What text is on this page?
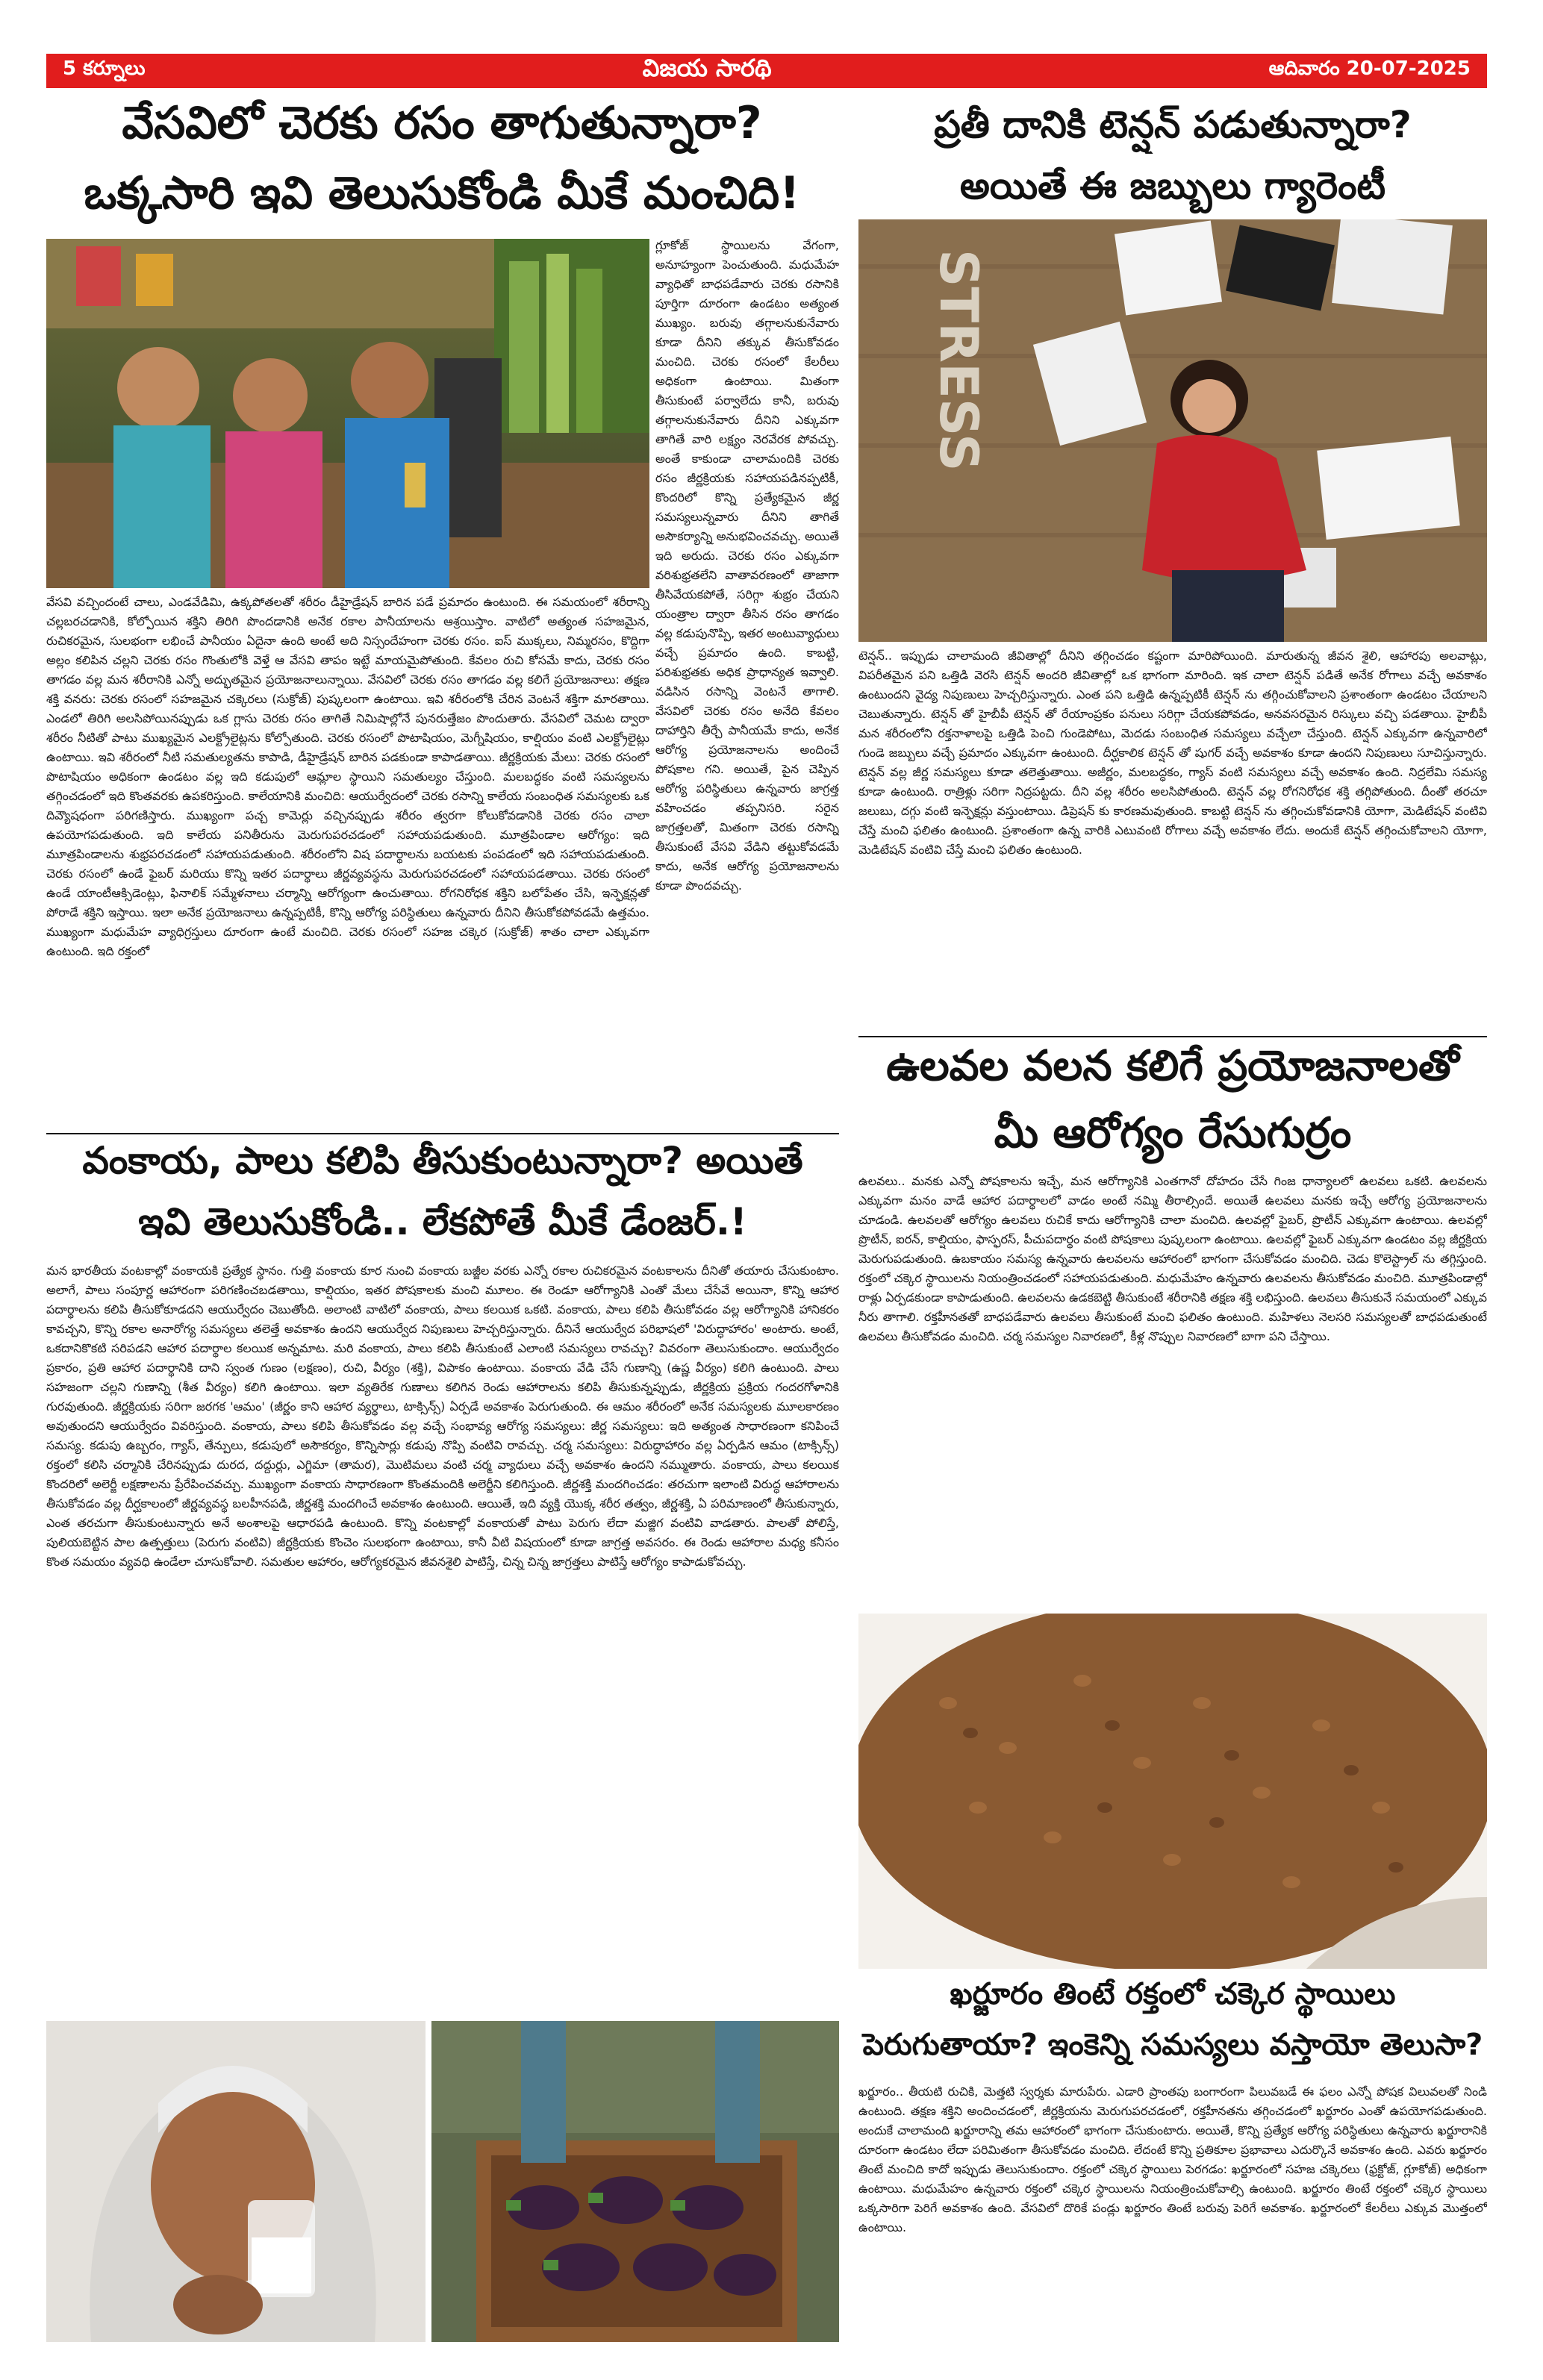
5 కర్నూలు	విజయ సారథి	ఆదివారం 20-07-2025
వేసవిలో చెరకు రసం తాగుతున్నారా?
ఒక్కసారి ఇవి తెలుసుకోండి మీకే మంచిది!
గ్లూకోజ్ స్థాయిలను వేగంగా, అనూహ్యంగా పెంచుతుంది. మధుమేహ వ్యాధితో బాధపడేవారు చెరకు రసానికి పూర్తిగా దూరంగా ఉండటం అత్యంత ముఖ్యం. బరువు తగ్గాలనుకునేవారు కూడా దీనిని తక్కువ తీసుకోవడం మంచిది. చెరకు రసంలో కేలరీలు అధికంగా ఉంటాయి. మితంగా తీసుకుంటే పర్వాలేదు కానీ, బరువు తగ్గాలనుకునేవారు దీనిని ఎక్కువగా తాగితే వారి లక్ష్యం నెరవేరక పోవచ్చు. అంతే కాకుండా చాలామందికి చెరకు రసం జీర్ణక్రియకు సహాయపడినప్పటికీ, కొందరిలో కొన్ని ప్రత్యేకమైన జీర్ణ సమస్యలున్నవారు దీనిని తాగితే అసౌకర్యాన్ని అనుభవించవచ్చు. అయితే ఇది అరుదు. చెరకు రసం ఎక్కువగా వరిశుభ్రతలేని వాతావరణంలో తాజాగా తీసివేయకపోతే, సరిగ్గా శుభ్రం చేయని యంత్రాల ద్వారా తీసిన రసం తాగడం వల్ల కడుపునొప్పి, ఇతర అంటువ్యాధులు వచ్చే ప్రమాదం ఉంది. కాబట్టి, పరిశుభ్రతకు అధిక ప్రాధాన్యత ఇవ్వాలి. వడిసిన రసాన్ని వెంటనే తాగాలి. వేసవిలో చెరకు రసం అనేది కేవలం దాహార్తిని తీర్చే పానీయమే కాదు, అనేక ఆరోగ్య ప్రయోజనాలను అందించే పోషకాల గని. అయితే, పైన చెప్పిన ఆరోగ్య పరిస్థితులు ఉన్నవారు జాగ్రత్త వహించడం తప్పనిసరి. సరైన జాగ్రత్తలతో, మితంగా చెరకు రసాన్ని తీసుకుంటే వేసవి వేడిని తట్టుకోవడమే కాదు, అనేక ఆరోగ్య ప్రయోజనాలను కూడా పొందవచ్చు.
వేసవి వచ్చిందంటే చాలు, ఎండవేడిమి, ఉక్కపోతలతో శరీరం డీహైడ్రేషన్ బారిన పడే ప్రమాదం ఉంటుంది. ఈ సమయంలో శరీరాన్ని చల్లబరచడానికి, కోల్పోయిన శక్తిని తిరిగి పొందడానికి అనేక రకాల పానీయాలను ఆశ్రయిస్తాం. వాటిలో అత్యంత సహజమైన, రుచికరమైన, సులభంగా లభించే పానీయం ఏదైనా ఉంది అంటే అది నిస్సందేహంగా చెరకు రసం. ఐస్ ముక్కలు, నిమ్మరసం, కొద్దిగా అల్లం కలిపిన చల్లని చెరకు రసం గొంతులోకి వెళ్తే ఆ వేసవి తాపం ఇట్టే మాయమైపోతుంది. కేవలం రుచి కోసమే కాదు, చెరకు రసం తాగడం వల్ల మన శరీరానికి ఎన్నో అద్భుతమైన ప్రయోజనాలున్నాయి. వేసవిలో చెరకు రసం తాగడం వల్ల కలిగే ప్రయోజనాలు: తక్షణ శక్తి వనరు: చెరకు రసంలో సహజమైన చక్కెరలు (సుక్రోజ్) పుష్కలంగా ఉంటాయి. ఇవి శరీరంలోకి చేరిన వెంటనే శక్తిగా మారతాయి. ఎండలో తిరిగి అలసిపోయినప్పుడు ఒక గ్లాసు చెరకు రసం తాగితే నిమిషాల్లోనే పునరుత్తేజం పొందుతారు. వేసవిలో చెమట ద్వారా శరీరం నీటితో పాటు ముఖ్యమైన ఎలక్ట్రోలైట్లను కోల్పోతుంది. చెరకు రసంలో పొటాషియం, మెగ్నీషియం, కాల్షియం వంటి ఎలక్ట్రోలైట్లు ఉంటాయి. ఇవి శరీరంలో నీటి సమతుల్యతను కాపాడి, డీహైడ్రేషన్ బారిన పడకుండా కాపాడతాయి. జీర్ణక్రియకు మేలు: చెరకు రసంలో పొటాషియం అధికంగా ఉండటం వల్ల ఇది కడుపులో ఆమ్లాల స్థాయిని సమతుల్యం చేస్తుంది. మలబద్ధకం వంటి సమస్యలను తగ్గించడంలో ఇది కొంతవరకు ఉపకరిస్తుంది. కాలేయానికి మంచిది: ఆయుర్వేదంలో చెరకు రసాన్ని కాలేయ సంబంధిత సమస్యలకు ఒక దివ్యౌషధంగా పరిగణిస్తారు. ముఖ్యంగా పచ్చ కామెర్లు వచ్చినప్పుడు శరీరం త్వరగా కోలుకోవడానికి చెరకు రసం చాలా ఉపయోగపడుతుంది. ఇది కాలేయ పనితీరును మెరుగుపరచడంలో సహాయపడుతుంది. మూత్రపిండాల ఆరోగ్యం: ఇది మూత్రపిండాలను శుభ్రపరచడంలో సహాయపడుతుంది. శరీరంలోని విష పదార్థాలను బయటకు పంపడంలో ఇది సహాయపడుతుంది. చెరకు రసంలో ఉండే ఫైబర్ మరియు కొన్ని ఇతర పదార్థాలు జీర్ణవ్యవస్థను మెరుగుపరచడంలో సహాయపడతాయి. చెరకు రసంలో ఉండే యాంటీఆక్సిడెంట్లు, ఫినాలిక్ సమ్మేళనాలు చర్మాన్ని ఆరోగ్యంగా ఉంచుతాయి. రోగనిరోధక శక్తిని బలోపేతం చేసి, ఇన్ఫెక్షన్లతో పోరాడే శక్తిని ఇస్తాయి. ఇలా అనేక ప్రయోజనాలు ఉన్నప్పటికీ, కొన్ని ఆరోగ్య పరిస్థితులు ఉన్నవారు దీనిని తీసుకోకపోవడమే ఉత్తమం. ముఖ్యంగా మధుమేహ వ్యాధిగ్రస్తులు దూరంగా ఉంటే మంచిది. చెరకు రసంలో సహజ చక్కెర (సుక్రోజ్) శాతం చాలా ఎక్కువగా ఉంటుంది. ఇది రక్తంలో
ప్రతీ దానికి టెన్షన్ పడుతున్నారా?
అయితే ఈ జబ్బులు గ్యారెంటీ
STRESS
టెన్షన్.. ఇప్పుడు చాలామంది జీవితాల్లో దీనిని తగ్గించడం కష్టంగా మారిపోయింది. మారుతున్న జీవన శైలి, ఆహారపు అలవాట్లు, విపరీతమైన పని ఒత్తిడి వెరసి టెన్షన్ అందరి జీవితాల్లో ఒక భాగంగా మారింది. ఇక చాలా టెన్షన్ పడితే అనేక రోగాలు వచ్చే అవకాశం ఉంటుందని వైద్య నిపుణులు హెచ్చరిస్తున్నారు. ఎంత పని ఒత్తిడి ఉన్నప్పటికీ టెన్షన్ ను తగ్గించుకోవాలని ప్రశాంతంగా ఉండటం చేయాలని చెబుతున్నారు. టెన్షన్ తో హైబీపీ టెన్షన్ తో రేయాంప్రకం పనులు సరిగ్గా చేయకపోవడం, అనవసరమైన రిస్కులు వచ్చి పడతాయి. హైబీపీ మన శరీరంలోని రక్తనాళాలపై ఒత్తిడి పెంచి గుండెపోటు, మెదడు సంబంధిత సమస్యలు వచ్చేలా చేస్తుంది. టెన్షన్ ఎక్కువగా ఉన్నవారిలో గుండె జబ్బులు వచ్చే ప్రమాదం ఎక్కువగా ఉంటుంది. దీర్ఘకాలిక టెన్షన్ తో షుగర్ వచ్చే అవకాశం కూడా ఉందని నిపుణులు సూచిస్తున్నారు. టెన్షన్ వల్ల జీర్ణ సమస్యలు కూడా తలెత్తుతాయి. అజీర్ణం, మలబద్ధకం, గ్యాస్ వంటి సమస్యలు వచ్చే అవకాశం ఉంది. నిద్రలేమి సమస్య కూడా ఉంటుంది. రాత్రిళ్లు సరిగా నిద్రపట్టదు. దీని వల్ల శరీరం అలసిపోతుంది. టెన్షన్ వల్ల రోగనిరోధక శక్తి తగ్గిపోతుంది. దీంతో తరచూ జలుబు, దగ్గు వంటి ఇన్ఫెక్షన్లు వస్తుంటాయి. డిప్రెషన్ కు కారణమవుతుంది. కాబట్టి టెన్షన్ ను తగ్గించుకోవడానికి యోగా, మెడిటేషన్ వంటివి చేస్తే మంచి ఫలితం ఉంటుంది. ప్రశాంతంగా ఉన్న వారికి ఎటువంటి రోగాలు వచ్చే అవకాశం లేదు. అందుకే టెన్షన్ తగ్గించుకోవాలని యోగా, మెడిటేషన్ వంటివి చేస్తే మంచి ఫలితం ఉంటుంది.
ఉలవల వలన కలిగే ప్రయోజనాలతో
మీ ఆరోగ్యం రేసుగుర్రం
ఉలవలు.. మనకు ఎన్నో పోషకాలను ఇచ్చే, మన ఆరోగ్యానికి ఎంతగానో దోహదం చేసే గింజ ధాన్యాలలో ఉలవలు ఒకటి. ఉలవలను ఎక్కువగా మనం వాడే ఆహార పదార్థాలలో వాడం అంటే నమ్మి తీరాల్సిందే. అయితే ఉలవలు మనకు ఇచ్చే ఆరోగ్య ప్రయోజనాలను చూడండి. ఉలవలతో ఆరోగ్యం ఉలవలు రుచికే కాదు ఆరోగ్యానికి చాలా మంచిది. ఉలవల్లో ఫైబర్, ప్రొటీన్ ఎక్కువగా ఉంటాయి. ఉలవల్లో ప్రొటీన్, ఐరన్, కాల్షియం, ఫాస్ఫరస్, పీచుపదార్థం వంటి పోషకాలు పుష్కలంగా ఉంటాయి. ఉలవల్లో ఫైబర్ ఎక్కువగా ఉండటం వల్ల జీర్ణక్రియ మెరుగుపడుతుంది. ఉబకాయం సమస్య ఉన్నవారు ఉలవలను ఆహారంలో భాగంగా చేసుకోవడం మంచిది. చెడు కొలెస్ట్రాల్ ను తగ్గిస్తుంది. రక్తంలో చక్కెర స్థాయిలను నియంత్రించడంలో సహాయపడుతుంది. మధుమేహం ఉన్నవారు ఉలవలను తీసుకోవడం మంచిది. మూత్రపిండాల్లో రాళ్లు ఏర్పడకుండా కాపాడుతుంది. ఉలవలను ఉడకబెట్టి తీసుకుంటే శరీరానికి తక్షణ శక్తి లభిస్తుంది. ఉలవలు తీసుకునే సమయంలో ఎక్కువ నీరు తాగాలి. రక్తహీనతతో బాధపడేవారు ఉలవలు తీసుకుంటే మంచి ఫలితం ఉంటుంది. మహిళలు నెలసరి సమస్యలతో బాధపడుతుంటే ఉలవలు తీసుకోవడం మంచిది. చర్మ సమస్యల నివారణలో, కీళ్ల నొప్పుల నివారణలో బాగా పని చేస్తాయి.
వంకాయ, పాలు కలిపి తీసుకుంటున్నారా? అయితే
ఇవి తెలుసుకోండి.. లేకపోతే మీకే డేంజర్.!
మన భారతీయ వంటకాల్లో వంకాయకి ప్రత్యేక స్థానం. గుత్తి వంకాయ కూర నుంచి వంకాయ బజ్జీల వరకు ఎన్నో రకాల రుచికరమైన వంటకాలను దీనితో తయారు చేసుకుంటాం. అలాగే, పాలు సంపూర్ణ ఆహారంగా పరిగణించబడతాయి, కాల్షియం, ఇతర పోషకాలకు మంచి మూలం. ఈ రెండూ ఆరోగ్యానికి ఎంతో మేలు చేసేవే అయినా, కొన్ని ఆహార పదార్థాలను కలిపి తీసుకోకూడదని ఆయుర్వేదం చెబుతోంది. అలాంటి వాటిలో వంకాయ, పాలు కలయిక ఒకటి. వంకాయ, పాలు కలిపి తీసుకోవడం వల్ల ఆరోగ్యానికి హానికరం కావచ్చని, కొన్ని రకాల అనారోగ్య సమస్యలు తలెత్తే అవకాశం ఉందని ఆయుర్వేద నిపుణులు హెచ్చరిస్తున్నారు. దీనినే ఆయుర్వేద పరిభాషలో 'విరుద్ధాహారం' అంటారు. అంటే, ఒకదానికొకటి సరిపడని ఆహార పదార్థాల కలయిక అన్నమాట. మరి వంకాయ, పాలు కలిపి తీసుకుంటే ఎలాంటి సమస్యలు రావచ్చు? వివరంగా తెలుసుకుందాం. ఆయుర్వేదం ప్రకారం, ప్రతి ఆహార పదార్థానికి దాని స్వంత గుణం (లక్షణం), రుచి, వీర్యం (శక్తి), విపాకం ఉంటాయి. వంకాయ వేడి చేసే గుణాన్ని (ఉష్ణ వీర్యం) కలిగి ఉంటుంది. పాలు సహజంగా చల్లని గుణాన్ని (శీత వీర్యం) కలిగి ఉంటాయి. ఇలా వ్యతిరేక గుణాలు కలిగిన రెండు ఆహారాలను కలిపి తీసుకున్నప్పుడు, జీర్ణక్రియ ప్రక్రియ గందరగోళానికి గురవుతుంది. జీర్ణక్రియకు సరిగా జరగక 'ఆమం' (జీర్ణం కాని ఆహార వ్యర్థాలు, టాక్సిన్స్) ఏర్పడే అవకాశం పెరుగుతుంది. ఈ ఆమం శరీరంలో అనేక సమస్యలకు మూలకారణం అవుతుందని ఆయుర్వేదం వివరిస్తుంది. వంకాయ, పాలు కలిపి తీసుకోవడం వల్ల వచ్చే సంభావ్య ఆరోగ్య సమస్యలు: జీర్ణ సమస్యలు: ఇది అత్యంత సాధారణంగా కనిపించే సమస్య. కడుపు ఉబ్బరం, గ్యాస్, తేన్పులు, కడుపులో అసౌకర్యం, కొన్నిసార్లు కడుపు నొప్పి వంటివి రావచ్చు. చర్మ సమస్యలు: విరుద్ధాహారం వల్ల ఏర్పడిన ఆమం (టాక్సిన్స్) రక్తంలో కలిసి చర్మానికి చేరినప్పుడు దురద, దద్దుర్లు, ఎగ్జిమా (తామర), మొటిమలు వంటి చర్మ వ్యాధులు వచ్చే అవకాశం ఉందని నమ్ముతారు. వంకాయ, పాలు కలయిక కొందరిలో అలెర్జీ లక్షణాలను ప్రేరేపించవచ్చు. ముఖ్యంగా వంకాయ సాధారణంగా కొంతమందికి అలెర్జీని కలిగిస్తుంది. జీర్ణశక్తి మందగించడం: తరచుగా ఇలాంటి విరుద్ధ ఆహారాలను తీసుకోవడం వల్ల దీర్ఘకాలంలో జీర్ణవ్యవస్థ బలహీనపడి, జీర్ణశక్తి మందగించే అవకాశం ఉంటుంది. ఆయితే, ఇది వ్యక్తి యొక్క శరీర తత్వం, జీర్ణశక్తి, ఏ పరిమాణంలో తీసుకున్నారు, ఎంత తరచుగా తీసుకుంటున్నారు అనే అంశాలపై ఆధారపడి ఉంటుంది. కొన్ని వంటకాల్లో వంకాయతో పాటు పెరుగు లేదా మజ్జిగ వంటివి వాడతారు. పాలతో పోలిస్తే, పులియబెట్టిన పాల ఉత్పత్తులు (పెరుగు వంటివి) జీర్ణక్రియకు కొంచెం సులభంగా ఉంటాయి, కానీ వీటి విషయంలో కూడా జాగ్రత్త అవసరం. ఈ రెండు ఆహారాల మధ్య కనీసం కొంత సమయం వ్యవధి ఉండేలా చూసుకోవాలి. సమతుల ఆహారం, ఆరోగ్యకరమైన జీవనశైలి పాటిస్తే, చిన్న చిన్న జాగ్రత్తలు పాటిస్తే ఆరోగ్యం కాపాడుకోవచ్చు.
ఖర్జూరం తింటే రక్తంలో చక్కెర స్థాయిలు
పెరుగుతాయా? ఇంకెన్ని సమస్యలు వస్తాయో తెలుసా?
ఖర్జూరం.. తీయటి రుచికి, మెత్తటి స్వర్శకు మారుపేరు. ఎడారి ప్రాంతపు బంగారంగా పిలువబడే ఈ ఫలం ఎన్నో పోషక విలువలతో నిండి ఉంటుంది. తక్షణ శక్తిని అందించడంలో, జీర్ణక్రియను మెరుగుపరచడంలో, రక్తహీనతను తగ్గించడంలో ఖర్జూరం ఎంతో ఉపయోగపడుతుంది. అందుకే చాలామంది ఖర్జూరాన్ని తమ ఆహారంలో భాగంగా చేసుకుంటారు. అయితే, కొన్ని ప్రత్యేక ఆరోగ్య పరిస్థితులు ఉన్నవారు ఖర్జూరానికి దూరంగా ఉండటం లేదా పరిమితంగా తీసుకోవడం మంచిది. లేదంటే కొన్ని ప్రతికూల ప్రభావాలు ఎదుర్కొనే అవకాశం ఉంది. ఎవరు ఖర్జూరం తింటే మంచిది కాదో ఇప్పుడు తెలుసుకుందాం. రక్తంలో చక్కెర స్థాయిలు పెరగడం: ఖర్జూరంలో సహజ చక్కెరలు (ఫ్రక్టోజ్, గ్లూకోజ్) అధికంగా ఉంటాయి. మధుమేహం ఉన్నవారు రక్తంలో చక్కెర స్థాయిలను నియంత్రించుకోవాల్సి ఉంటుంది. ఖర్జూరం తింటే రక్తంలో చక్కెర స్థాయిలు ఒక్కసారిగా పెరిగే అవకాశం ఉంది. వేసవిలో దొరికే పండ్లు ఖర్జూరం తింటే బరువు పెరిగే అవకాశం. ఖర్జూరంలో కేలరీలు ఎక్కువ మొత్తంలో ఉంటాయి.
